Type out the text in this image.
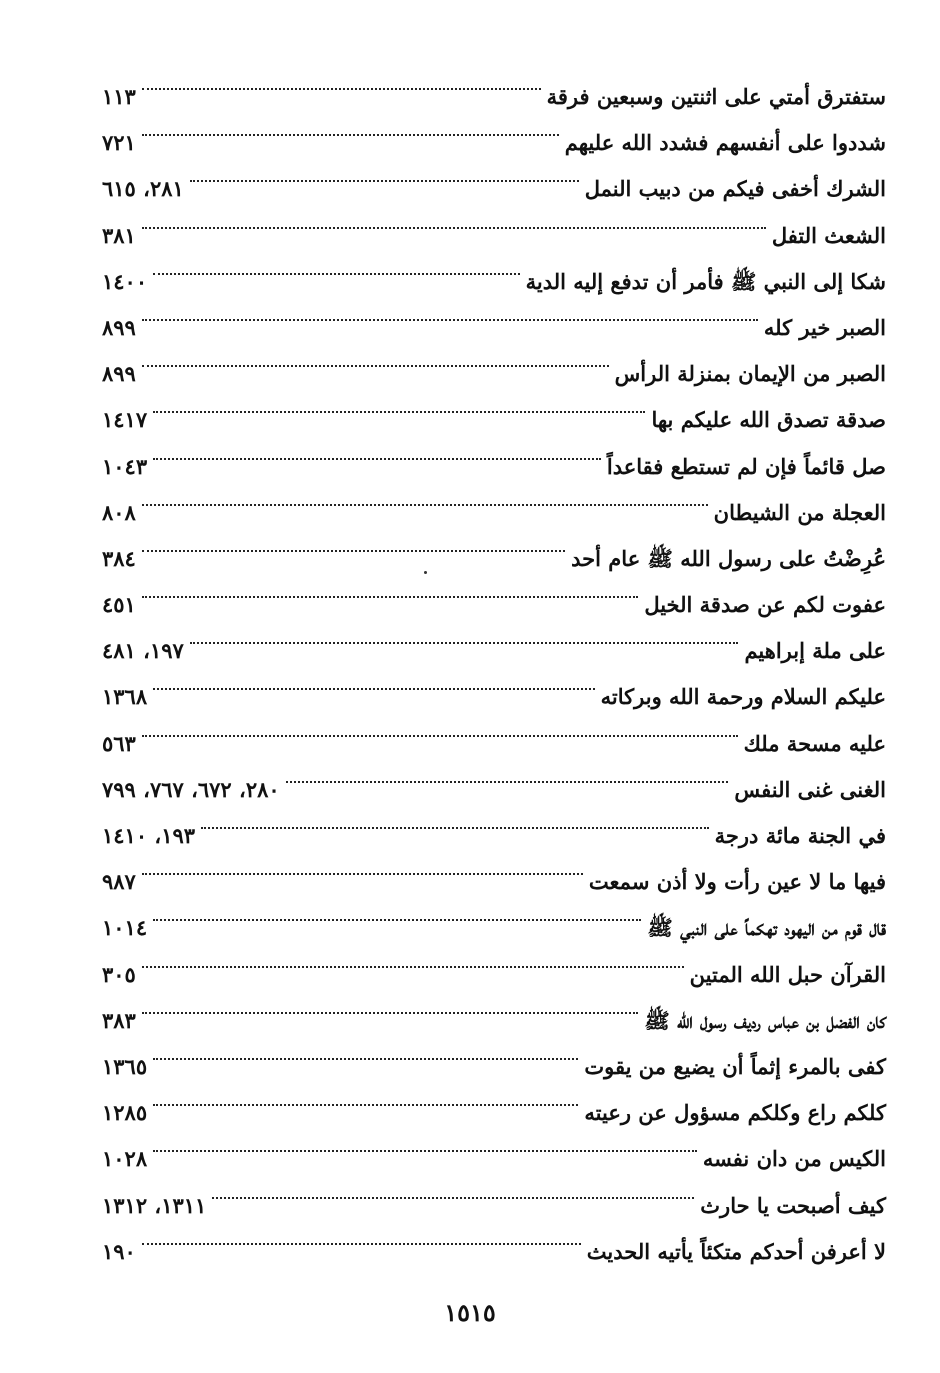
ستفترق أمتي على اثنتين وسبعين فرقة
١١٣
شددوا على أنفسهم فشدد الله عليهم
٧٢١
الشرك أخفى فيكم من دبيب النمل
٢٨١، ٦١٥
الشعث التفل
٣٨١
شكا إلى النبي ﷺ فأمر أن تدفع إليه الدية
١٤٠٠
الصبر خير كله
٨٩٩
الصبر من الإيمان بمنزلة الرأس
٨٩٩
صدقة تصدق الله عليكم بها
١٤١٧
صل قائماً فإن لم تستطع فقاعداً
١٠٤٣
العجلة من الشيطان
٨٠٨
عُرِضْتُ على رسول الله ﷺ عام أحد
٣٨٤
عفوت لكم عن صدقة الخيل
٤٥١
على ملة إبراهيم
١٩٧، ٤٨١
عليكم السلام ورحمة الله وبركاته
١٣٦٨
عليه مسحة ملك
٥٦٣
الغنى غنى النفس
٢٨٠، ٦٧٢، ٧٦٧، ٧٩٩
في الجنة مائة درجة
١٩٣، ١٤١٠
فيها ما لا عين رأت ولا أذن سمعت
٩٨٧
قال قوم من اليهود تهكماً على النبي ﷺ
١٠١٤
القرآن حبل الله المتين
٣٠٥
كان الفضل بن عباس رديف رسول الله ﷺ
٣٨٣
كفى بالمرء إثماً أن يضيع من يقوت
١٣٦٥
كلكم راع وكلكم مسؤول عن رعيته
١٢٨٥
الكيس من دان نفسه
١٠٢٨
كيف أصبحت يا حارث
١٣١١، ١٣١٢
لا أعرفن أحدكم متكئاً يأتيه الحديث
١٩٠
١٥١٥
